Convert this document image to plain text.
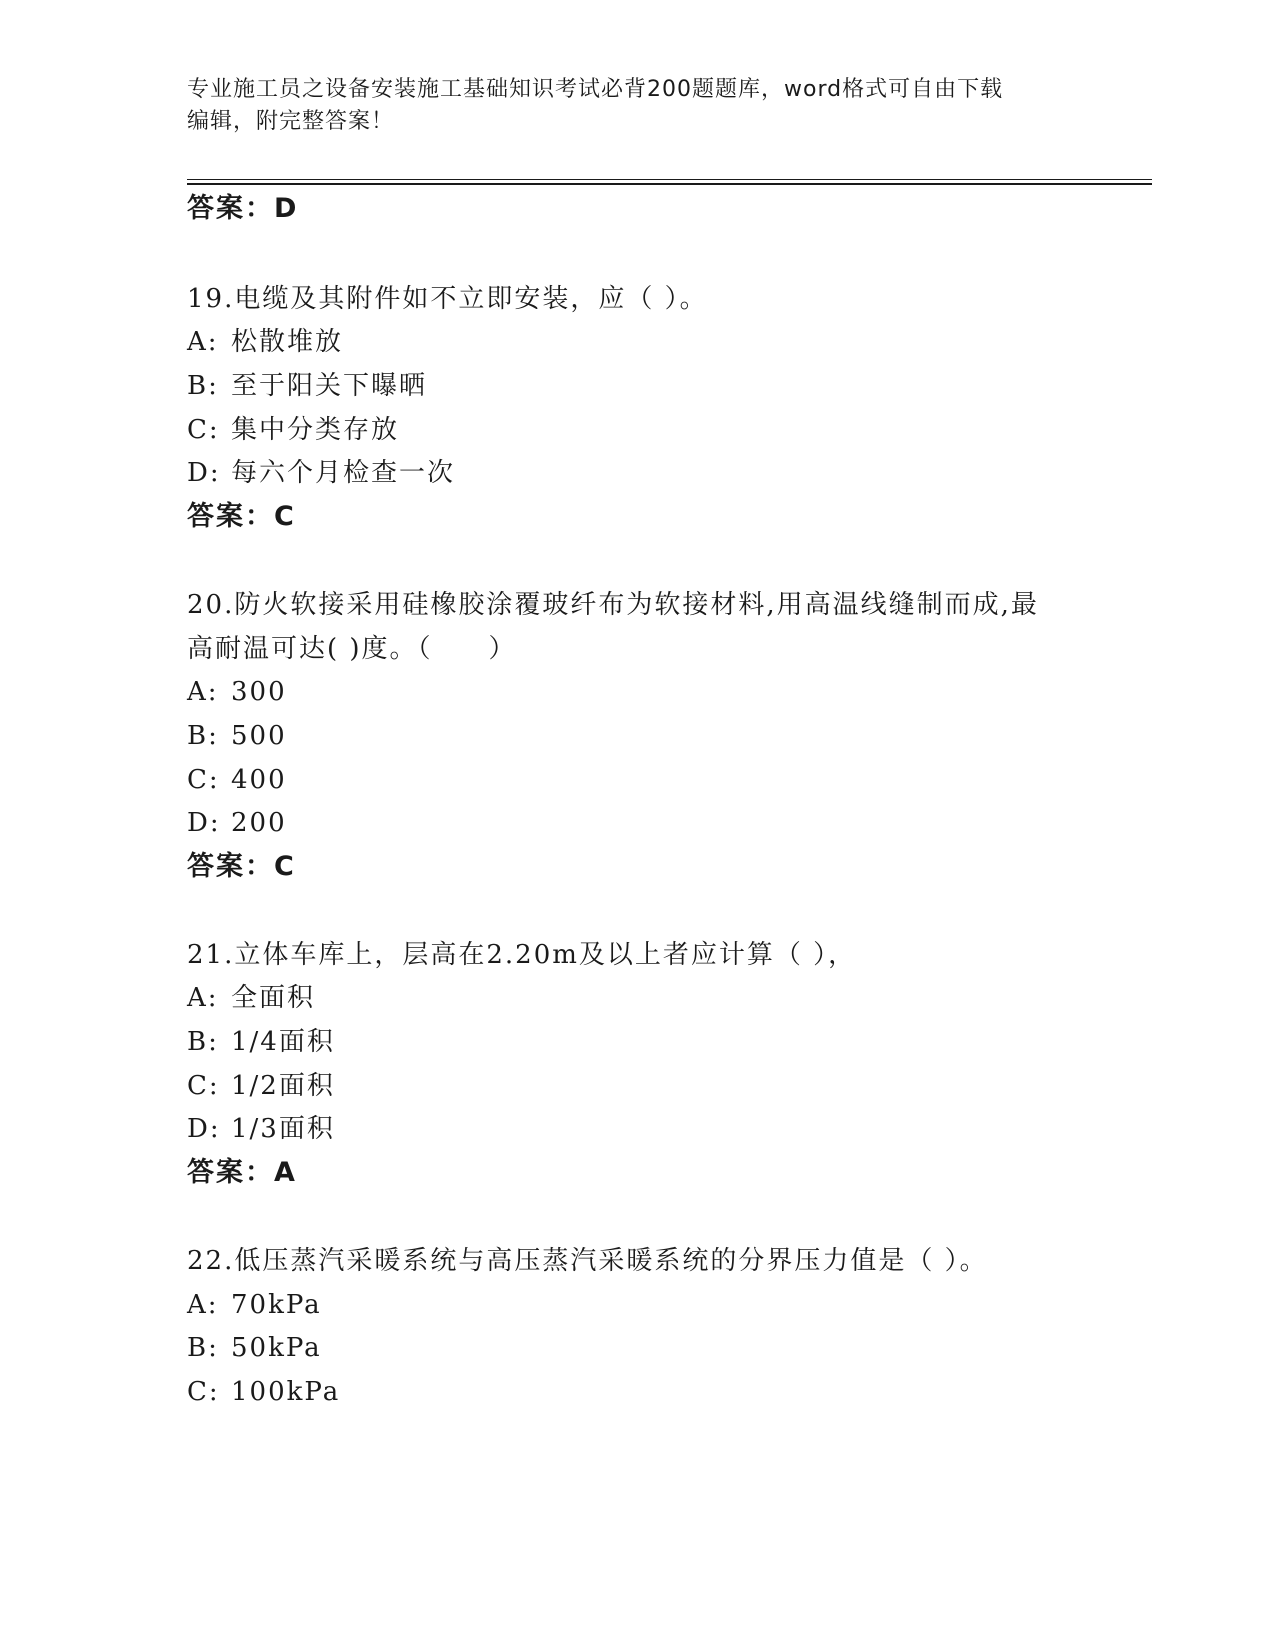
专业施工员之设备安装施工基础知识考试必背200题题库，word格式可自由下载
编辑，附完整答案！
答案：D
19.电缆及其附件如不立即安装，应（ ）。
A: 松散堆放
B: 至于阳关下曝晒
C: 集中分类存放
D: 每六个月检查一次
答案：C
20.防火软接采用硅橡胶涂覆玻纤布为软接材料,用高温线缝制而成,最
高耐温可达( )度。（　　）
A: 300
B: 500
C: 400
D: 200
答案：C
21.立体车库上，层高在2.20m及以上者应计算（ ），
A: 全面积
B: 1/4面积
C: 1/2面积
D: 1/3面积
答案：A
22.低压蒸汽采暖系统与高压蒸汽采暖系统的分界压力值是（ ）。
A: 70kPa
B: 50kPa
C: 100kPa
